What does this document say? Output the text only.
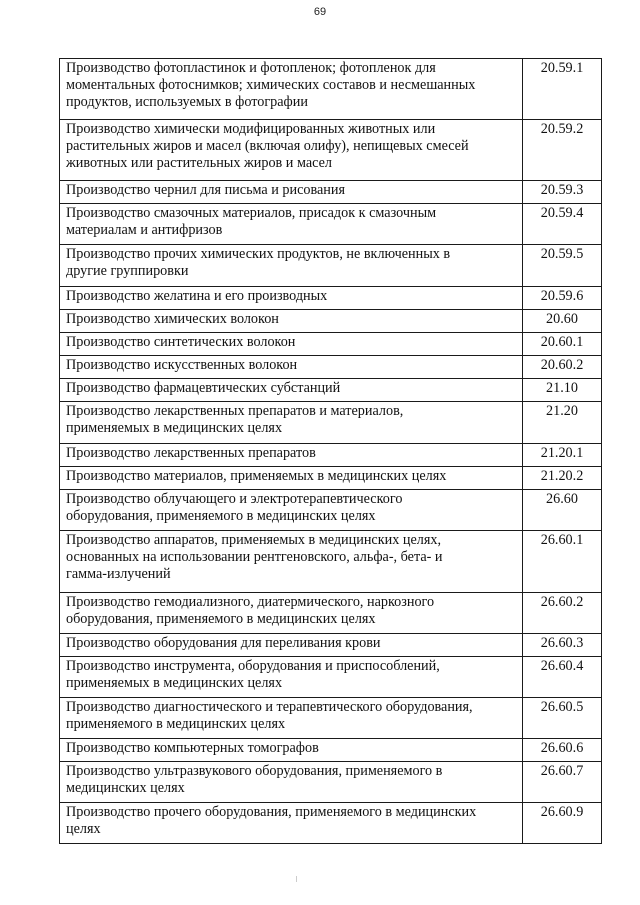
69
Производство фотопластинок и фотопленок; фотопленок для
моментальных фотоснимков; химических составов и несмешанных
продуктов, используемых в фотографии	20.59.1

Производство химически модифицированных животных или
растительных жиров и масел (включая олифу), непищевых смесей
животных или растительных жиров и масел	20.59.2

Производство чернил для письма и рисования	20.59.3

Производство смазочных материалов, присадок к смазочным
материалам и антифризов	20.59.4

Производство прочих химических продуктов, не включенных в
другие группировки	20.59.5

Производство желатина и его производных	20.59.6

Производство химических волокон	20.60

Производство синтетических волокон	20.60.1

Производство искусственных волокон	20.60.2

Производство фармацевтических субстанций	21.10

Производство лекарственных препаратов и материалов,
применяемых в медицинских целях	21.20

Производство лекарственных препаратов	21.20.1

Производство материалов, применяемых в медицинских целях	21.20.2

Производство облучающего и электротерапевтического
оборудования, применяемого в медицинских целях	26.60

Производство аппаратов, применяемых в медицинских целях,
основанных на использовании рентгеновского, альфа-, бета- и
гамма-излучений	26.60.1

Производство гемодиализного, диатермического, наркозного
оборудования, применяемого в медицинских целях	26.60.2

Производство оборудования для переливания крови	26.60.3

Производство инструмента, оборудования и приспособлений,
применяемых в медицинских целях	26.60.4

Производство диагностического и терапевтического оборудования,
применяемого в медицинских целях	26.60.5

Производство компьютерных томографов	26.60.6

Производство ультразвукового оборудования, применяемого в
медицинских целях	26.60.7

Производство прочего оборудования, применяемого в медицинских
целях	26.60.9
